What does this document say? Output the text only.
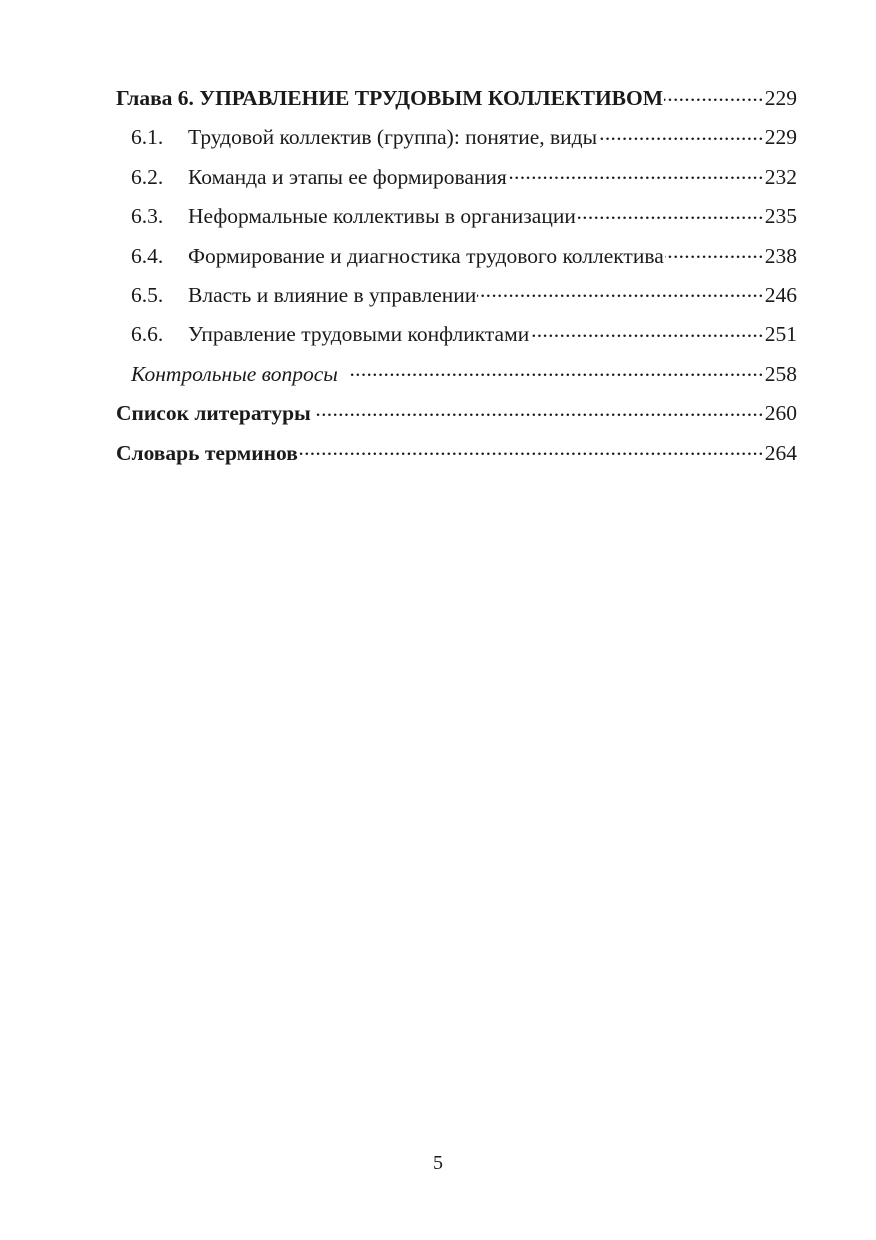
Глава 6. УПРАВЛЕНИЕ ТРУДОВЫМ КОЛЛЕКТИВОМ .....	229
6.1.	Трудовой коллектив (группа): понятие, виды .....	229
6.2.	Команда и этапы ее формирования .....	232
6.3.	Неформальные коллективы в организации .....	235
6.4.	Формирование и диагностика трудового коллектива .....	238
6.5.	Власть и влияние в управлении .....	246
6.6.	Управление трудовыми конфликтами .....	251
Контрольные вопросы .....	258
Список литературы .....	260
Словарь терминов .....	264
5
